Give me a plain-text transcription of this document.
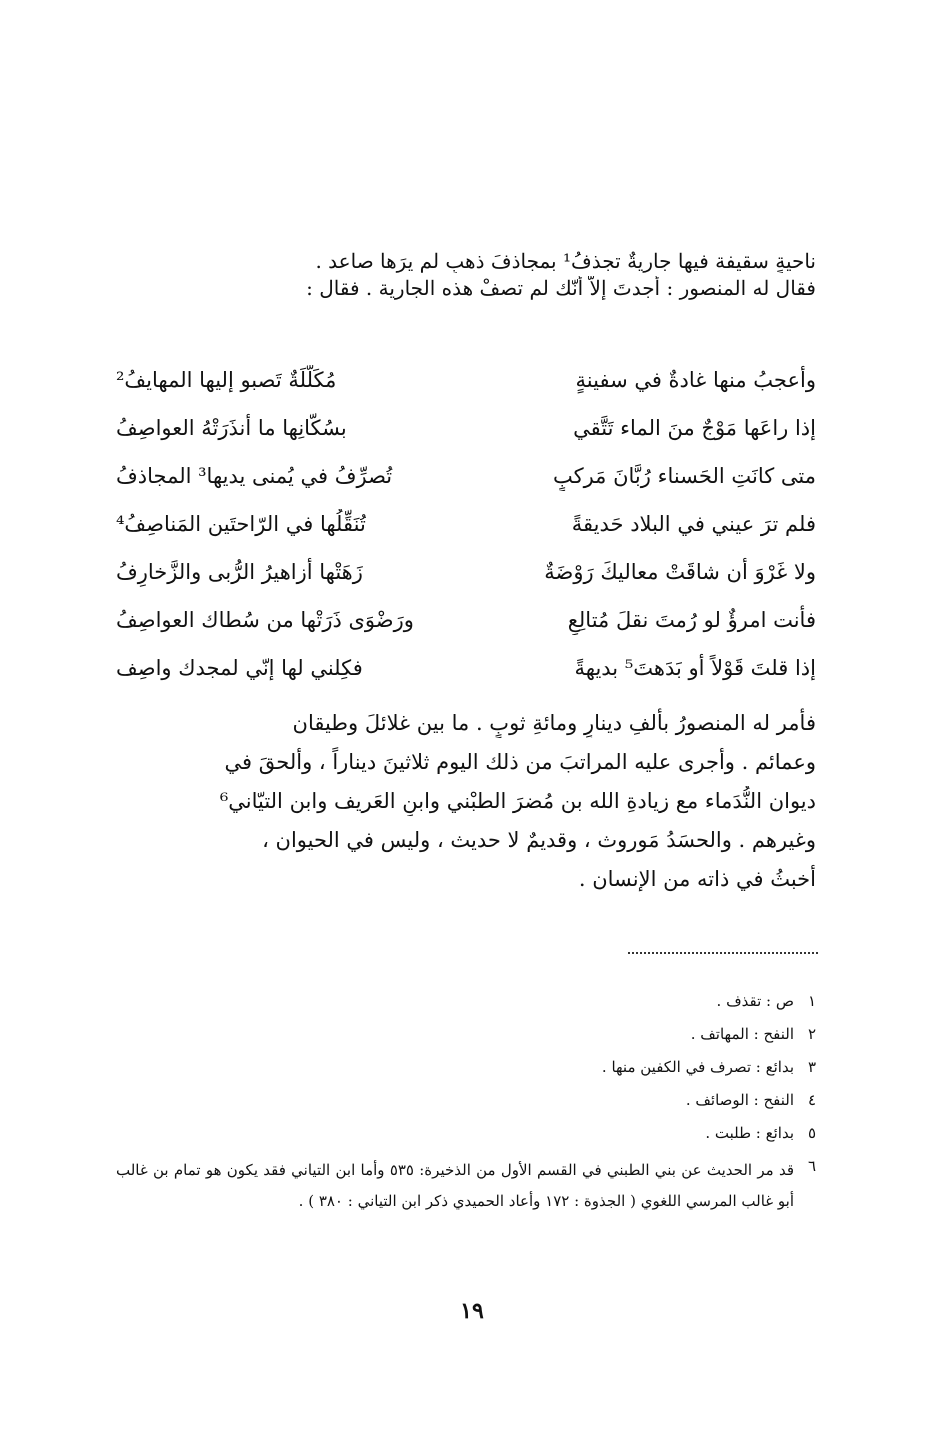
ناحيةٍ سقيفة فيها جاريةٌ تجذفُ¹ بمجاذفَ ذهبٍ لم يرَها صاعد .
فقال له المنصور : أجدتَ إلاّ أنّك لم تصفْ هذه الجارية . فقال :
وأعجبُ منها غادةٌ في سفينةٍ
مُكَلَّلَةٌ تَصبو إليها المهايفُ²
إذا راعَها مَوْجٌ منَ الماء تَتَّقي
بسُكَّانِها ما أنذَرَتْهُ العواصِفُ
متى كانَتِ الحَسناء رُبَّانَ مَركبٍ
تُصرِّفُ في يُمنى يديها³ المجاذفُ
فلم ترَ عيني في البلاد حَديقةً
تُنَقِّلُها في الرّاحتَين المَناصِفُ⁴
ولا غَرْوَ أن شاقَتْ معاليكَ رَوْضَةٌ
زَهَتْها أزاهيرُ الرُّبى والزَّخارِفُ
فأنت امرؤٌ لو رُمتَ نقلَ مُتالِعٍ
ورَضْوَى ذَرَتْها من سُطاك العواصِفُ
إذا قلتَ قَوْلاً أو بَدَهتَ⁵ بديهةً
فكِلني لها إنّي لمجدك واصِف
فأمر له المنصورُ بألفِ دينارٍ ومائةِ ثوبٍ . ما بين غلائلَ وطيقان
وعمائم . وأجرى عليه المراتبَ من ذلك اليوم ثلاثينَ ديناراً ، وألحقَ في
ديوان النُّدَماء مع زيادةِ الله بن مُضرَ الطبْني وابنِ العَريف وابن التيّاني⁶
وغيرهم . والحسَدُ مَوروث ، وقديمٌ لا حديث ، وليس في الحيوان ،
أخبثُ في ذاته من الإنسان .
١
ص : تقذف .
٢
النفح : المهاتف .
٣
بدائع : تصرف في الكفين منها .
٤
النفح : الوصائف .
٥
بدائع : طلبت .
٦
قد مر الحديث عن بني الطبني في القسم الأول من الذخيرة: ٥٣٥ وأما ابن التياني فقد يكون هو تمام بن غالب أبو غالب المرسي اللغوي ( الجذوة : ١٧٢ وأعاد الحميدي ذكر ابن التياني : ٣٨٠ ) .
١٩
